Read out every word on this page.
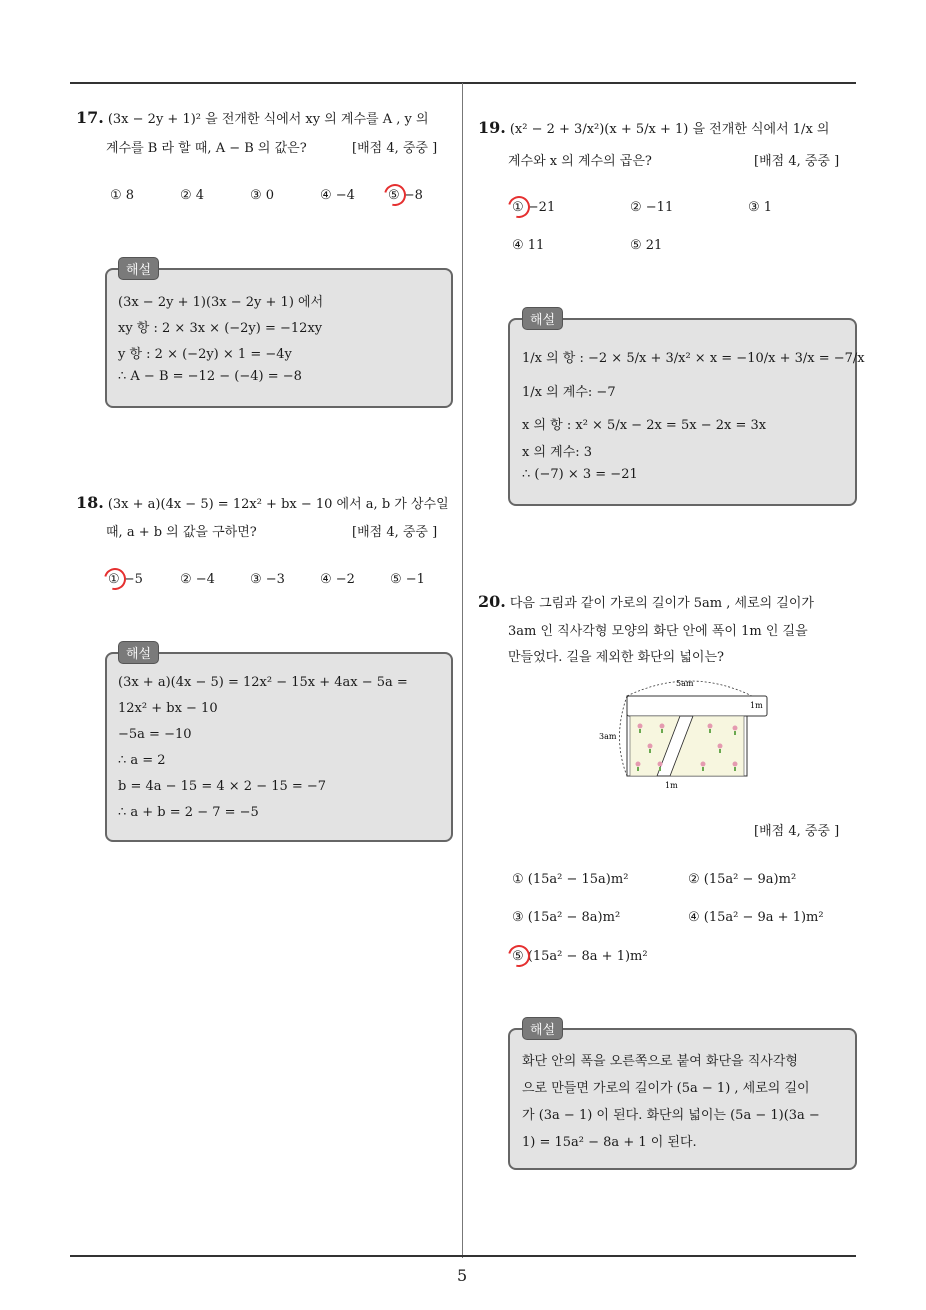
5
17. (3x − 2y + 1)² 을 전개한 식에서 xy 의 계수를 A , y 의
계수를 B 라 할 때, A − B 의 값은?	[배점 4, 중중 ]
① 8	② 4	③ 0	④ −4	⑤ −8
해설
(3x − 2y + 1)(3x − 2y + 1) 에서
xy 항 : 2 × 3x × (−2y) = −12xy
y 항 : 2 × (−2y) × 1 = −4y
∴ A − B = −12 − (−4) = −8
18. (3x + a)(4x − 5) = 12x² + bx − 10 에서 a, b 가 상수일
때, a + b 의 값을 구하면?	[배점 4, 중중 ]
① −5	② −4	③ −3	④ −2	⑤ −1
해설
(3x + a)(4x − 5) = 12x² − 15x + 4ax − 5a =
12x² + bx − 10
−5a = −10
∴ a = 2
b = 4a − 15 = 4 × 2 − 15 = −7
∴ a + b = 2 − 7 = −5
19. (x² − 2 + 3/x²)(x + 5/x + 1) 을 전개한 식에서 1/x 의
계수와 x 의 계수의 곱은?	[배점 4, 중중 ]
① −21	② −11	③ 1
④ 11	⑤ 21
해설
1/x 의 항 : −2 × 5/x + 3/x² × x = −10/x + 3/x = −7/x
1/x 의 계수: −7
x 의 항 : x² × 5/x − 2x = 5x − 2x = 3x
x 의 계수: 3
∴ (−7) × 3 = −21
20. 다음 그림과 같이 가로의 길이가 5am , 세로의 길이가
3am 인 직사각형 모양의 화단 안에 폭이 1m 인 길을
만들었다. 길을 제외한 화단의 넓이는?
5am
3am
1m
1m
[배점 4, 중중 ]
① (15a² − 15a)m²	② (15a² − 9a)m²
③ (15a² − 8a)m²	④ (15a² − 9a + 1)m²
⑤ (15a² − 8a + 1)m²
해설
화단 안의 폭을 오른쪽으로 붙여 화단을 직사각형
으로 만들면 가로의 길이가 (5a − 1) , 세로의 길이
가 (3a − 1) 이 된다. 화단의 넓이는 (5a − 1)(3a −
1) = 15a² − 8a + 1 이 된다.
